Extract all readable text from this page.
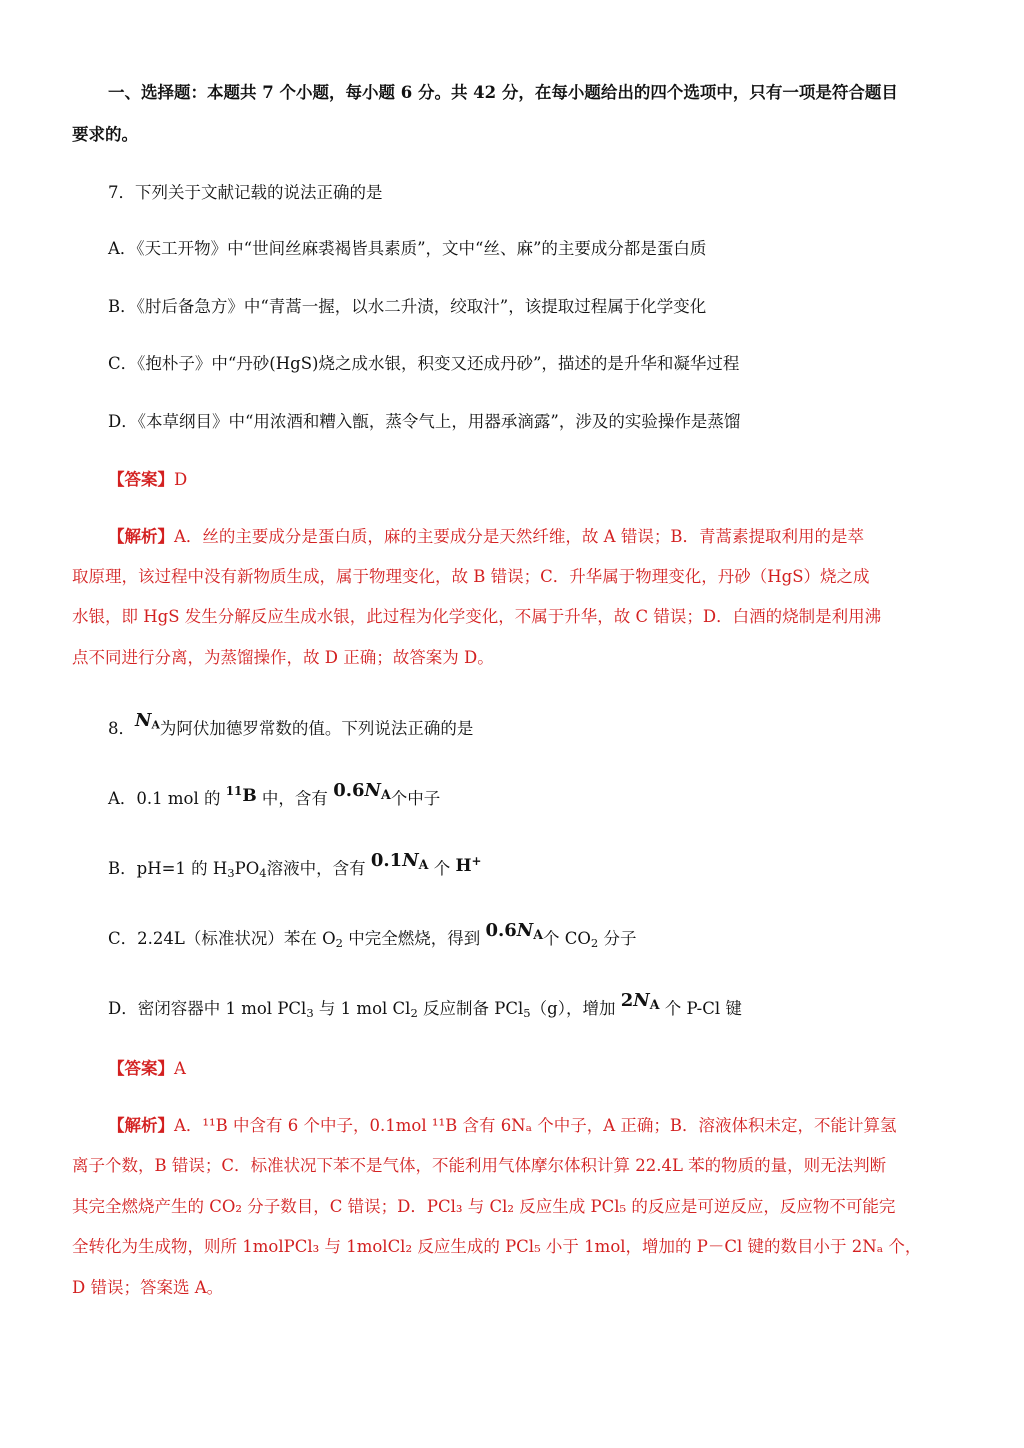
一、选择题：本题共 7 个小题，每小题 6 分。共 42 分，在每小题给出的四个选项中，只有一项是符合题目
要求的。
7．下列关于文献记载的说法正确的是
A．《天工开物》中“世间丝麻裘褐皆具素质”，文中“丝、麻”的主要成分都是蛋白质
B．《肘后备急方》中“青蒿一握，以水二升渍，绞取汁”，该提取过程属于化学变化
C．《抱朴子》中“丹砂(HgS)烧之成水银，积变又还成丹砂”，描述的是升华和凝华过程
D．《本草纲目》中“用浓酒和糟入甑，蒸令气上，用器承滴露”，涉及的实验操作是蒸馏
【答案】D
【解析】A．丝的主要成分是蛋白质，麻的主要成分是天然纤维，故 A 错误；B．青蒿素提取利用的是萃
取原理，该过程中没有新物质生成，属于物理变化，故 B 错误；C．升华属于物理变化，丹砂（HgS）烧之成
水银，即 HgS 发生分解反应生成水银，此过程为化学变化，不属于升华，故 C 错误；D．白酒的烧制是利用沸
点不同进行分离，为蒸馏操作，故 D 正确；故答案为 D。
8．$N_A$为阿伏加德罗常数的值。下列说法正确的是
A．0.1 mol 的 $^{11}$B 中，含有 $0.6N_A$个中子
B．pH=1 的 $H_3PO_4$溶液中，含有 $0.1N_A$ 个 H+
C．2.24L（标准状况）苯在 $O_2$ 中完全燃烧，得到 $0.6N_A$个 $CO_2$ 分子
D．密闭容器中 1 mol PCl$_3$ 与 1 mol $Cl_2$ 反应制备 PCl$_5$（g），增加 $2N_A$ 个 P-Cl 键
【答案】A
【解析】A．¹¹B 中含有 6 个中子，0.1mol ¹¹B 含有 6Nₐ 个中子，A 正确；B．溶液体积未定，不能计算氢
离子个数，B 错误；C．标准状况下苯不是气体，不能利用气体摩尔体积计算 22.4L 苯的物质的量，则无法判断
其完全燃烧产生的 CO₂ 分子数目，C 错误；D．PCl₃ 与 Cl₂ 反应生成 PCl₅ 的反应是可逆反应，反应物不可能完
全转化为生成物，则所 1molPCl₃ 与 1molCl₂ 反应生成的 PCl₅ 小于 1mol，增加的 P－Cl 键的数目小于 2Nₐ 个，
D 错误；答案选 A。
